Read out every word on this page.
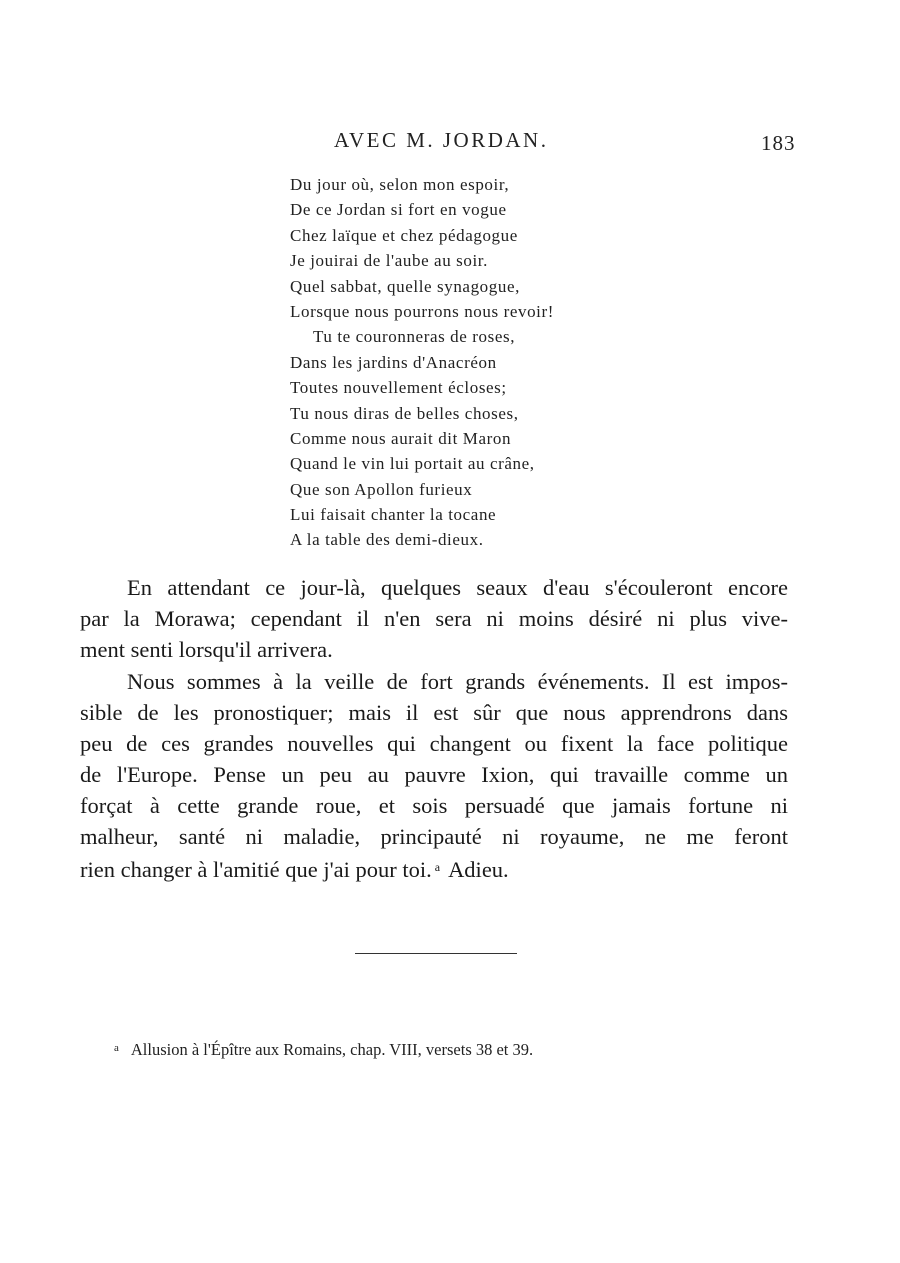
AVEC M. JORDAN.	183
Du jour où, selon mon espoir,
De ce Jordan si fort en vogue
Chez laïque et chez pédagogue
Je jouirai de l'aube au soir.
Quel sabbat, quelle synagogue,
Lorsque nous pourrons nous revoir!
Tu te couronneras de roses,
Dans les jardins d'Anacréon
Toutes nouvellement écloses;
Tu nous diras de belles choses,
Comme nous aurait dit Maron
Quand le vin lui portait au crâne,
Que son Apollon furieux
Lui faisait chanter la tocane
A la table des demi-dieux.
En attendant ce jour-là, quelques seaux d'eau s'écouleront encore
par la Morawa; cependant il n'en sera ni moins désiré ni plus vive-
ment senti lorsqu'il arrivera.
Nous sommes à la veille de fort grands événements. Il est impos-
sible de les pronostiquer; mais il est sûr que nous apprendrons dans
peu de ces grandes nouvelles qui changent ou fixent la face politique
de l'Europe. Pense un peu au pauvre Ixion, qui travaille comme un
forçat à cette grande roue, et sois persuadé que jamais fortune ni
malheur, santé ni maladie, principauté ni royaume, ne me feront
rien changer à l'amitié que j'ai pour toi. $^a$ Adieu.
$^a$ Allusion à l'Épître aux Romains, chap. VIII, versets 38 et 39.
